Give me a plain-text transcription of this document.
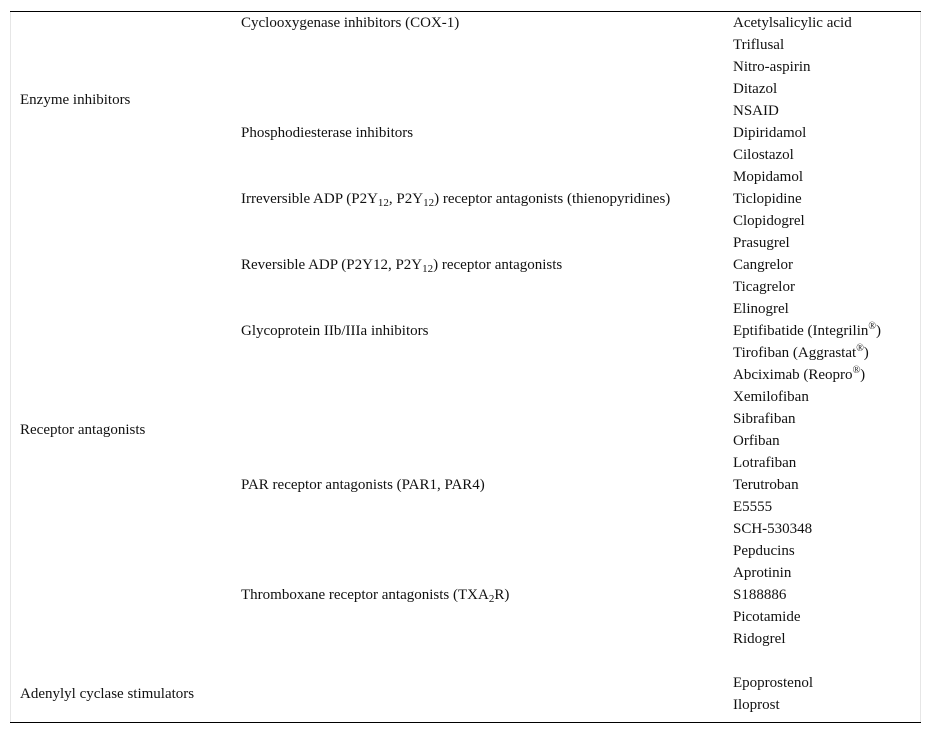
Enzyme inhibitors
Receptor antagonists
Adenylyl cyclase stimulators
Cyclooxygenase inhibitors (COX-1)
Phosphodiesterase inhibitors
Irreversible ADP ($P2Y_{12}$, $P2Y_{12}$) receptor antagonists (thienopyridines)
Reversible ADP (P2Y12, $P2Y_{12}$) receptor antagonists
Glycoprotein IIb/IIIa inhibitors
PAR receptor antagonists (PAR1, PAR4)
Thromboxane receptor antagonists $(TXA_2R)$
Acetylsalicylic acid
Triflusal
Nitro-aspirin
Ditazol
NSAID
Dipiridamol
Cilostazol
Mopidamol
Ticlopidine
Clopidogrel
Prasugrel
Cangrelor
Ticagrelor
Elinogrel
Eptifibatide (Integrilin®)
Tirofiban (Aggrastat®)
Abciximab (Reopro®)
Xemilofiban
Sibrafiban
Orfiban
Lotrafiban
Terutroban
E5555
SCH-530348
Pepducins
Aprotinin
S188886
Picotamide
Ridogrel
Epoprostenol
Iloprost
